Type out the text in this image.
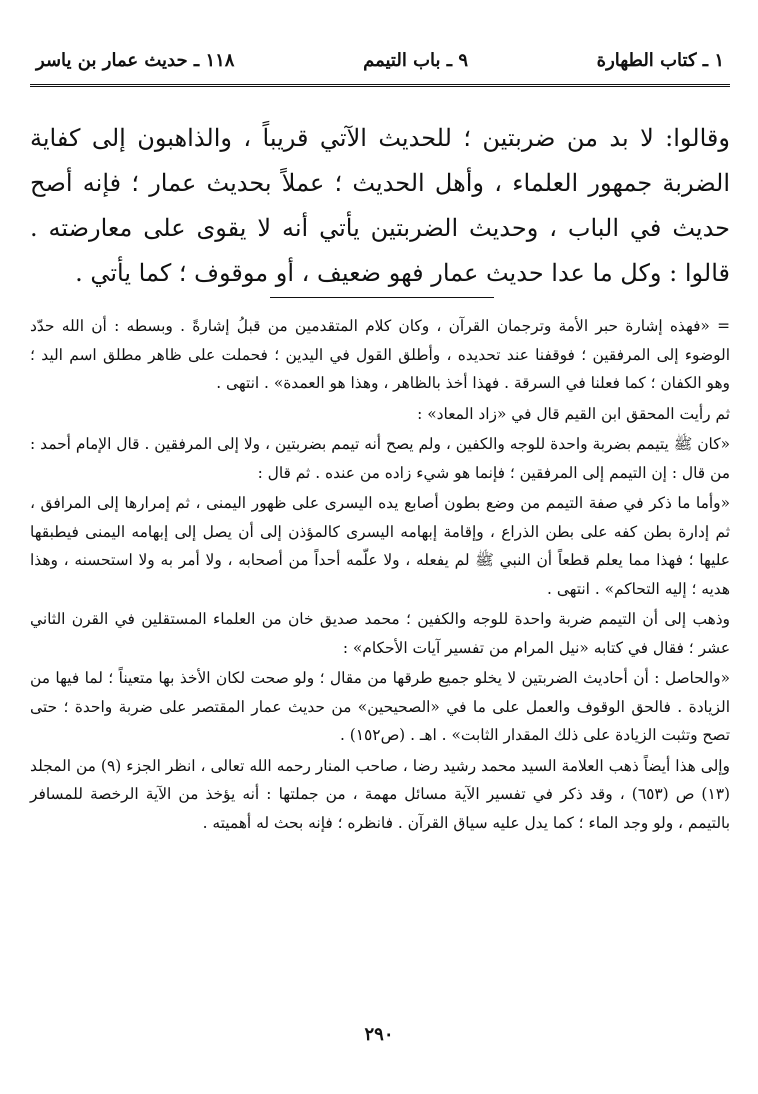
١ ـ كتاب الطهارة
٩ ـ باب التيمم
١١٨ ـ حديث عمار بن ياسر

وقالوا: لا بد من ضربتين ؛ للحديث الآتي قريباً ، والذاهبون إلى كفاية الضربة جمهور العلماء ، وأهل الحديث ؛ عملاً بحديث عمار ؛ فإنه أصح حديث في الباب ، وحديث الضربتين يأتي أنه لا يقوى على معارضته . قالوا : وكل ما عدا حديث عمار فهو ضعيف ، أو موقوف ؛ كما يأتي .

= «فهذه إشارة حبر الأمة وترجمان القرآن ، وكان كلام المتقدمين من قبلُ إشارةً . وبسطه : أن الله حدّد الوضوء إلى المرفقين ؛ فوقفنا عند تحديده ، وأطلق القول في اليدين ؛ فحملت على ظاهر مطلق اسم اليد ؛ وهو الكفان ؛ كما فعلنا في السرقة . فهذا أخذ بالظاهر ، وهذا هو العمدة» . انتهى .

ثم رأيت المحقق ابن القيم قال في «زاد المعاد» :

«كان ﷺ يتيمم بضربة واحدة للوجه والكفين ، ولم يصح أنه تيمم بضربتين ، ولا إلى المرفقين . قال الإمام أحمد : من قال : إن التيمم إلى المرفقين ؛ فإنما هو شيء زاده من عنده . ثم قال :

«وأما ما ذكر في صفة التيمم من وضع بطون أصابع يده اليسرى على ظهور اليمنى ، ثم إمرارها إلى المرافق ، ثم إدارة بطن كفه على بطن الذراع ، وإقامة إبهامه اليسرى كالمؤذن إلى أن يصل إلى إبهامه اليمنى فيطبقها عليها ؛ فهذا مما يعلم قطعاً أن النبي ﷺ لم يفعله ، ولا علّمه أحداً من أصحابه ، ولا أمر به ولا استحسنه ، وهذا هديه ؛ إليه التحاكم» . انتهى .

وذهب إلى أن التيمم ضربة واحدة للوجه والكفين ؛ محمد صديق خان من العلماء المستقلين في القرن الثاني عشر ؛ فقال في كتابه «نيل المرام من تفسير آيات الأحكام» :

«والحاصل : أن أحاديث الضربتين لا يخلو جميع طرقها من مقال ؛ ولو صحت لكان الأخذ بها متعيناً ؛ لما فيها من الزيادة . فالحق الوقوف والعمل على ما في «الصحيحين» من حديث عمار المقتصر على ضربة واحدة ؛ حتى تصح وتثبت الزيادة على ذلك المقدار الثابت» . اهـ . (ص١٥٢) .

وإلى هذا أيضاً ذهب العلامة السيد محمد رشيد رضا ، صاحب المنار رحمه الله تعالى ، انظر الجزء (٩) من المجلد (١٣) ص (٦٥٣) ، وقد ذكر في تفسير الآية مسائل مهمة ، من جملتها : أنه يؤخذ من الآية الرخصة للمسافر بالتيمم ، ولو وجد الماء ؛ كما يدل عليه سياق القرآن . فانظره ؛ فإنه بحث له أهميته .

٢٩٠
